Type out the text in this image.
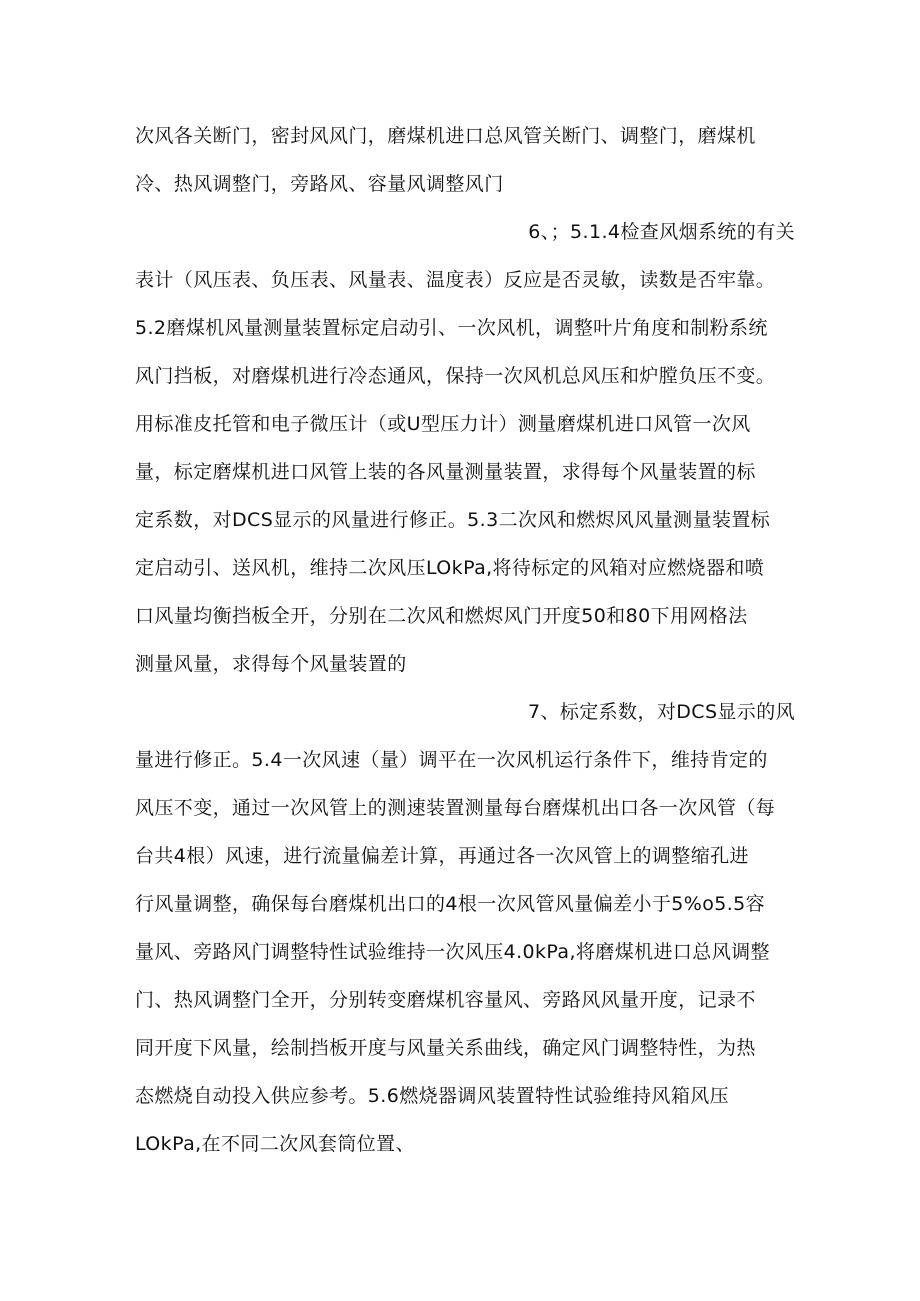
次风各关断门，密封风风门，磨煤机进口总风管关断门、调整门，磨煤机
冷、热风调整门，旁路风、容量风调整风门
6、；5.1.4检查风烟系统的有关
表计（风压表、负压表、风量表、温度表）反应是否灵敏，读数是否牢靠。
5.2磨煤机风量测量装置标定启动引、一次风机，调整叶片角度和制粉系统
风门挡板，对磨煤机进行冷态通风，保持一次风机总风压和炉膛负压不变。
用标准皮托管和电子微压计（或U型压力计）测量磨煤机进口风管一次风
量，标定磨煤机进口风管上装的各风量测量装置，求得每个风量装置的标
定系数，对DCS显示的风量进行修正。5.3二次风和燃烬风风量测量装置标
定启动引、送风机，维持二次风压LOkPa,将待标定的风箱对应燃烧器和喷
口风量均衡挡板全开，分别在二次风和燃烬风门开度50和80下用网格法
测量风量，求得每个风量装置的
7、标定系数，对DCS显示的风
量进行修正。5.4一次风速（量）调平在一次风机运行条件下，维持肯定的
风压不变，通过一次风管上的测速装置测量每台磨煤机出口各一次风管（每
台共4根）风速，进行流量偏差计算，再通过各一次风管上的调整缩孔进
行风量调整，确保每台磨煤机出口的4根一次风管风量偏差小于5%o5.5容
量风、旁路风门调整特性试验维持一次风压4.0kPa,将磨煤机进口总风调整
门、热风调整门全开，分别转变磨煤机容量风、旁路风风量开度，记录不
同开度下风量，绘制挡板开度与风量关系曲线，确定风门调整特性，为热
态燃烧自动投入供应参考。5.6燃烧器调风装置特性试验维持风箱风压
LOkPa,在不同二次风套筒位置、
